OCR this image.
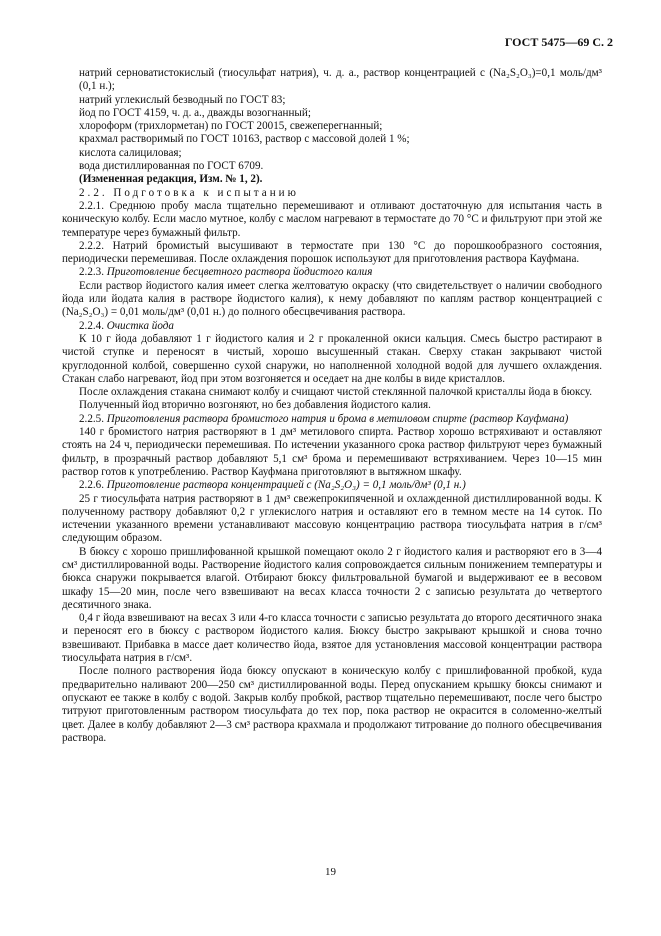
ГОСТ 5475—69 С. 2

натрий серноватистокислый (тиосульфат натрия), ч. д. а., раствор концентрацией с (Na₂S₂O₃)=0,1 моль/дм³ (0,1 н.);

натрий углекислый безводный по ГОСТ 83;

йод по ГОСТ 4159, ч. д. а., дважды возогнанный;

хлороформ (трихлорметан) по ГОСТ 20015, свежеперегнанный;

крахмал растворимый по ГОСТ 10163, раствор с массовой долей 1 %;

кислота салициловая;

вода дистиллированная по ГОСТ 6709.

(Измененная редакция, Изм. № 1, 2).

2.2. Подготовка к испытанию

2.2.1. Среднюю пробу масла тщательно перемешивают и отливают достаточную для испытания часть в коническую колбу. Если масло мутное, колбу с маслом нагревают в термостате до 70 °С и фильтруют при этой же температуре через бумажный фильтр.

2.2.2. Натрий бромистый высушивают в термостате при 130 °С до порошкообразного состояния, периодически перемешивая. После охлаждения порошок используют для приготовления раствора Кауфмана.

2.2.3. Приготовление бесцветного раствора йодистого калия

Если раствор йодистого калия имеет слегка желтоватую окраску (что свидетельствует о наличии свободного йода или йодата калия в растворе йодистого калия), к нему добавляют по каплям раствор концентрацией с (Na₂S₂O₃) = 0,01 моль/дм³ (0,01 н.) до полного обесцвечивания раствора.

2.2.4. Очистка йода

К 10 г йода добавляют 1 г йодистого калия и 2 г прокаленной окиси кальция. Смесь быстро растирают в чистой ступке и переносят в чистый, хорошо высушенный стакан. Сверху стакан закрывают чистой круглодонной колбой, совершенно сухой снаружи, но наполненной холодной водой для лучшего охлаждения. Стакан слабо нагревают, йод при этом возгоняется и оседает на дне колбы в виде кристаллов.

После охлаждения стакана снимают колбу и счищают чистой стеклянной палочкой кристаллы йода в бюксу.

Полученный йод вторично возгоняют, но без добавления йодистого калия.

2.2.5. Приготовления раствора бромистого натрия и брома в метиловом спирте (раствор Кауфмана)

140 г бромистого натрия растворяют в 1 дм³ метилового спирта. Раствор хорошо встряхивают и оставляют стоять на 24 ч, периодически перемешивая. По истечении указанного срока раствор фильтруют через бумажный фильтр, в прозрачный раствор добавляют 5,1 см³ брома и перемешивают встряхиванием. Через 10—15 мин раствор готов к употреблению. Раствор Кауфмана приготовляют в вытяжном шкафу.

2.2.6. Приготовление раствора концентрацией с (Na₂S₂O₃) = 0,1 моль/дм³ (0,1 н.)

25 г тиосульфата натрия растворяют в 1 дм³ свежепрокипяченной и охлажденной дистиллированной воды. К полученному раствору добавляют 0,2 г углекислого натрия и оставляют его в темном месте на 14 суток. По истечении указанного времени устанавливают массовую концентрацию раствора тиосульфата натрия в г/см³ следующим образом.

В бюксу с хорошо пришлифованной крышкой помещают около 2 г йодистого калия и растворяют его в 3—4 см³ дистиллированной воды. Растворение йодистого калия сопровождается сильным понижением температуры и бюкса снаружи покрывается влагой. Отбирают бюксу фильтровальной бумагой и выдерживают ее в весовом шкафу 15—20 мин, после чего взвешивают на весах класса точности 2 с записью результата до четвертого десятичного знака.

0,4 г йода взвешивают на весах 3 или 4-го класса точности с записью результата до второго десятичного знака и переносят его в бюксу с раствором йодистого калия. Бюксу быстро закрывают крышкой и снова точно взвешивают. Прибавка в массе дает количество йода, взятое для установления массовой концентрации раствора тиосульфата натрия в г/см³.

После полного растворения йода бюксу опускают в коническую колбу с пришлифованной пробкой, куда предварительно наливают 200—250 см³ дистиллированной воды. Перед опусканием крышку бюксы снимают и опускают ее также в колбу с водой. Закрыв колбу пробкой, раствор тщательно перемешивают, после чего быстро титруют приготовленным раствором тиосульфата до тех пор, пока раствор не окрасится в соломенно-желтый цвет. Далее в колбу добавляют 2—3 см³ раствора крахмала и продолжают титрование до полного обесцвечивания раствора.

19
